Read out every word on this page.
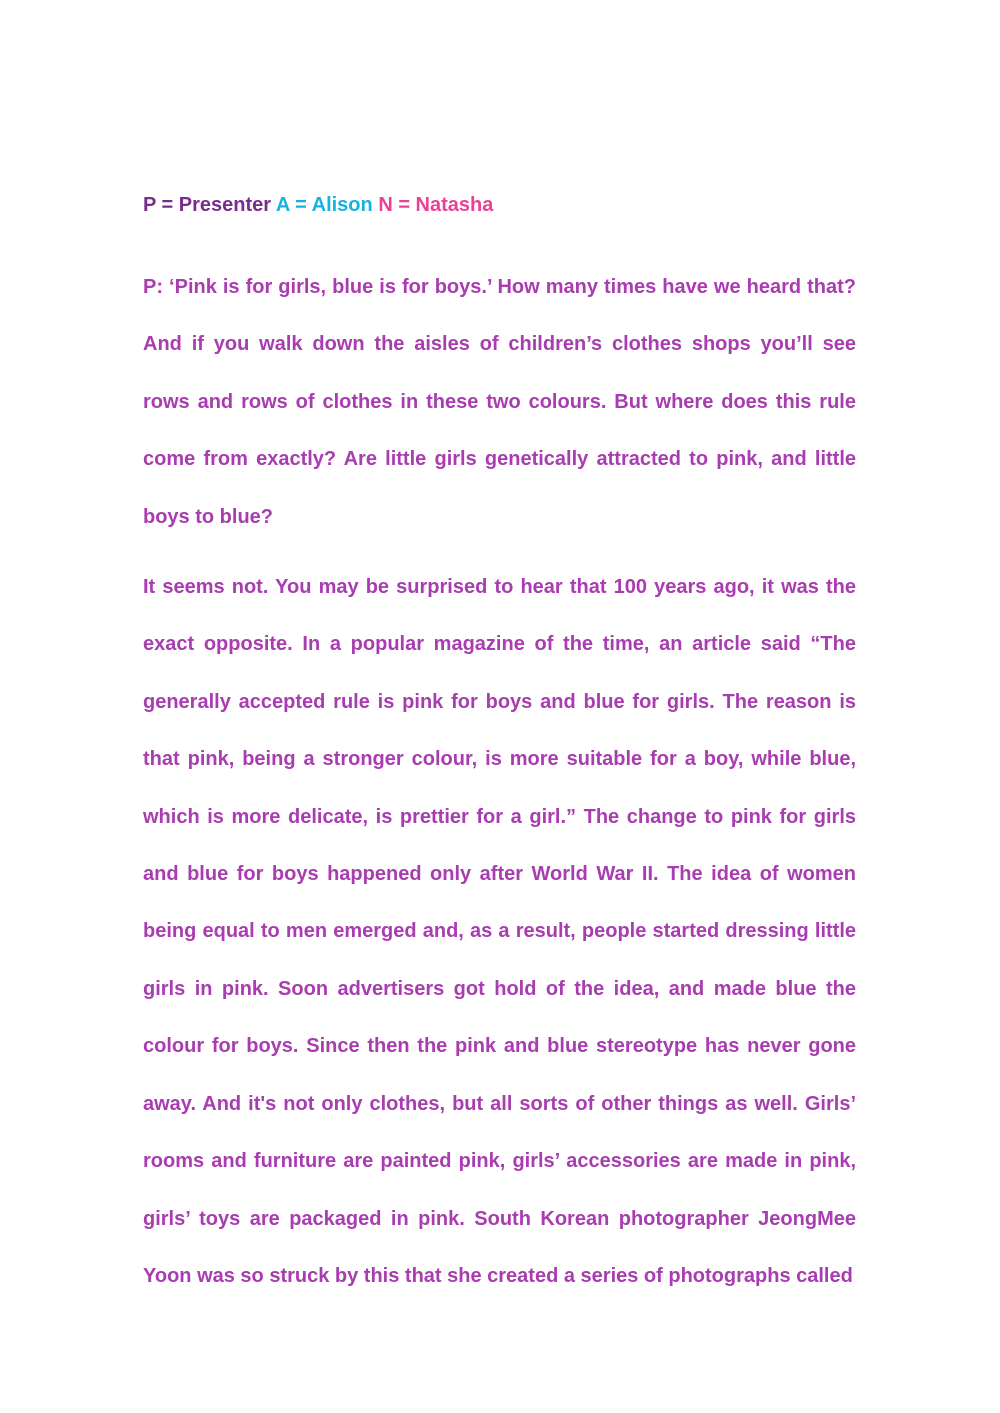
P = Presenter A = Alison N = Natasha

P: ‘Pink is for girls, blue is for boys.’ How many times have we heard that? And if you walk down the aisles of children’s clothes shops you’ll see rows and rows of clothes in these two colours. But where does this rule come from exactly? Are little girls genetically attracted to pink, and little boys to blue?

It seems not. You may be surprised to hear that 100 years ago, it was the exact opposite. In a popular magazine of the time, an article said “The generally accepted rule is pink for boys and blue for girls. The reason is that pink, being a stronger colour, is more suitable for a boy, while blue, which is more delicate, is prettier for a girl.” The change to pink for girls and blue for boys happened only after World War II. The idea of women being equal to men emerged and, as a result, people started dressing little girls in pink. Soon advertisers got hold of the idea, and made blue the colour for boys. Since then the pink and blue stereotype has never gone away. And it's not only clothes, but all sorts of other things as well. Girls’ rooms and furniture are painted pink, girls’ accessories are made in pink, girls’ toys are packaged in pink. South Korean photographer JeongMee Yoon was so struck by this that she created a series of photographs called
